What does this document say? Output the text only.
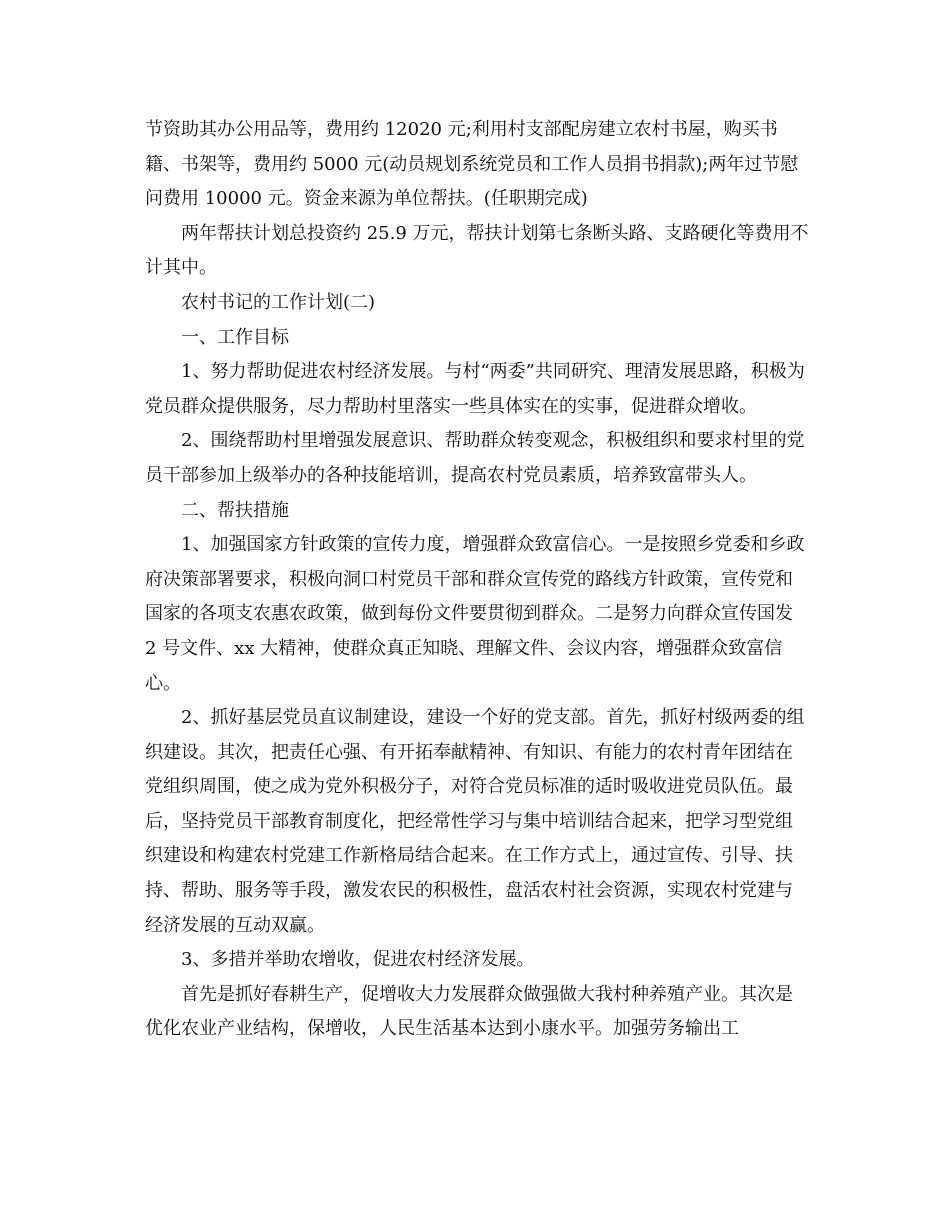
节资助其办公用品等，费用约 12020 元;利用村支部配房建立农村书屋，购买书籍、书架等，费用约 5000 元(动员规划系统党员和工作人员捐书捐款);两年过节慰问费用 10000 元。资金来源为单位帮扶。(任职期完成)

两年帮扶计划总投资约 25.9 万元，帮扶计划第七条断头路、支路硬化等费用不计其中。

农村书记的工作计划(二)

一、工作目标

1、努力帮助促进农村经济发展。与村“两委”共同研究、理清发展思路，积极为党员群众提供服务，尽力帮助村里落实一些具体实在的实事，促进群众增收。

2、围绕帮助村里增强发展意识、帮助群众转变观念，积极组织和要求村里的党员干部参加上级举办的各种技能培训，提高农村党员素质，培养致富带头人。

二、帮扶措施

1、加强国家方针政策的宣传力度，增强群众致富信心。一是按照乡党委和乡政府决策部署要求，积极向洞口村党员干部和群众宣传党的路线方针政策，宣传党和国家的各项支农惠农政策，做到每份文件要贯彻到群众。二是努力向群众宣传国发 2 号文件、xx 大精神，使群众真正知晓、理解文件、会议内容，增强群众致富信心。

2、抓好基层党员直议制建设，建设一个好的党支部。首先，抓好村级两委的组织建设。其次，把责任心强、有开拓奉献精神、有知识、有能力的农村青年团结在党组织周围，使之成为党外积极分子，对符合党员标准的适时吸收进党员队伍。最后，坚持党员干部教育制度化，把经常性学习与集中培训结合起来，把学习型党组织建设和构建农村党建工作新格局结合起来。在工作方式上，通过宣传、引导、扶持、帮助、服务等手段，激发农民的积极性，盘活农村社会资源，实现农村党建与经济发展的互动双赢。

3、多措并举助农增收，促进农村经济发展。

首先是抓好春耕生产，促增收大力发展群众做强做大我村种养殖产业。其次是优化农业产业结构，保增收，人民生活基本达到小康水平。加强劳务输出工
